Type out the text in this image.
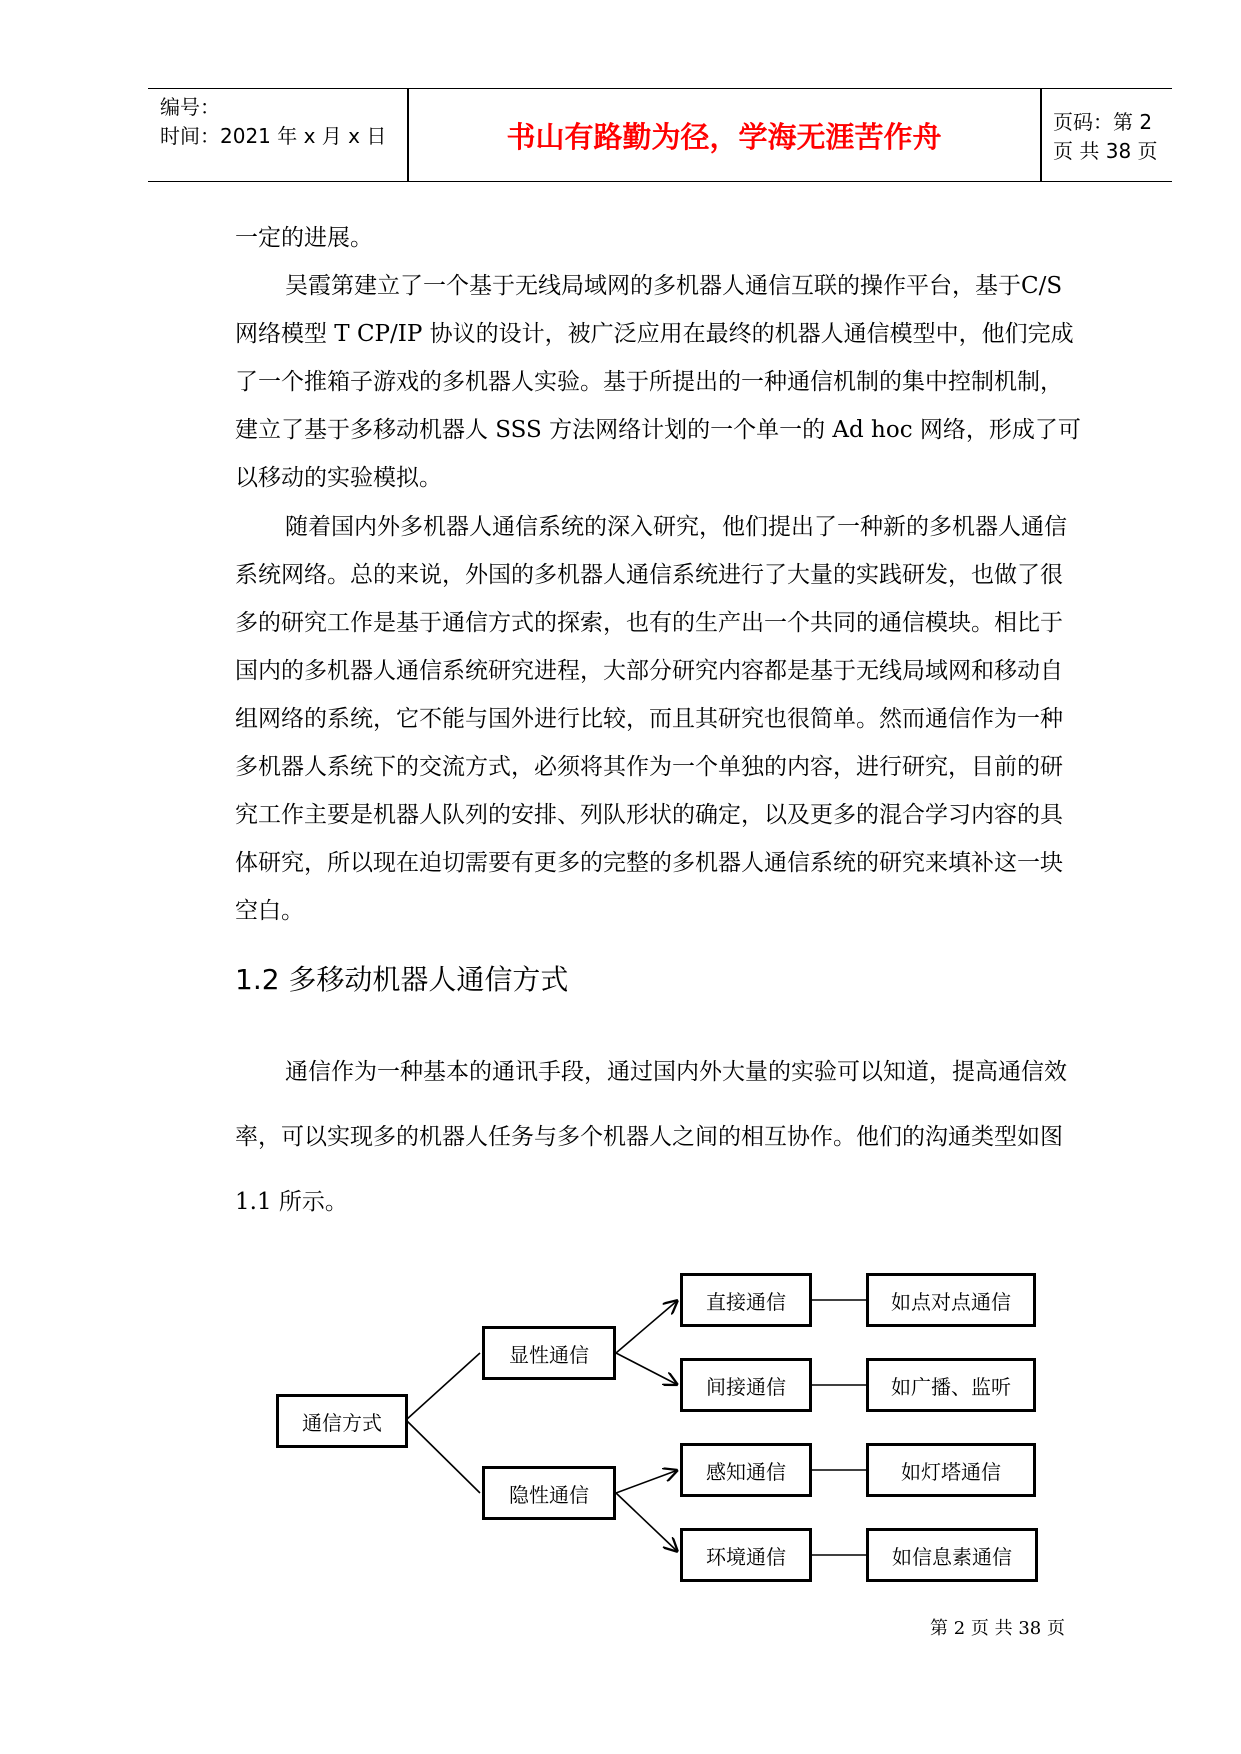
编号：
时间：2021 年 x 月 x 日	书山有路勤为径，学海无涯苦作舟	页码：第 2 页 共 38 页

一定的进展。

吴霞第建立了一个基于无线局域网的多机器人通信互联的操作平台，基于C/S 网络模型 T CP/IP 协议的设计，被广泛应用在最终的机器人通信模型中，他们完成了一个推箱子游戏的多机器人实验。基于所提出的一种通信机制的集中控制机制，建立了基于多移动机器人 SSS 方法网络计划的一个单一的 Ad hoc 网络，形成了可以移动的实验模拟。

随着国内外多机器人通信系统的深入研究，他们提出了一种新的多机器人通信系统网络。总的来说，外国的多机器人通信系统进行了大量的实践研发，也做了很多的研究工作是基于通信方式的探索，也有的生产出一个共同的通信模块。相比于国内的多机器人通信系统研究进程，大部分研究内容都是基于无线局域网和移动自组网络的系统，它不能与国外进行比较，而且其研究也很简单。然而通信作为一种多机器人系统下的交流方式，必须将其作为一个单独的内容，进行研究，目前的研究工作主要是机器人队列的安排、列队形状的确定，以及更多的混合学习内容的具体研究，所以现在迫切需要有更多的完整的多机器人通信系统的研究来填补这一块空白。

1.2 多移动机器人通信方式

通信作为一种基本的通讯手段，通过国内外大量的实验可以知道，提高通信效率，可以实现多的机器人任务与多个机器人之间的相互协作。他们的沟通类型如图 1.1 所示。

通信方式
显性通信
隐性通信
直接通信
间接通信
感知通信
环境通信
如点对点通信
如广播、监听
如灯塔通信
如信息素通信
第 2 页 共 38 页
